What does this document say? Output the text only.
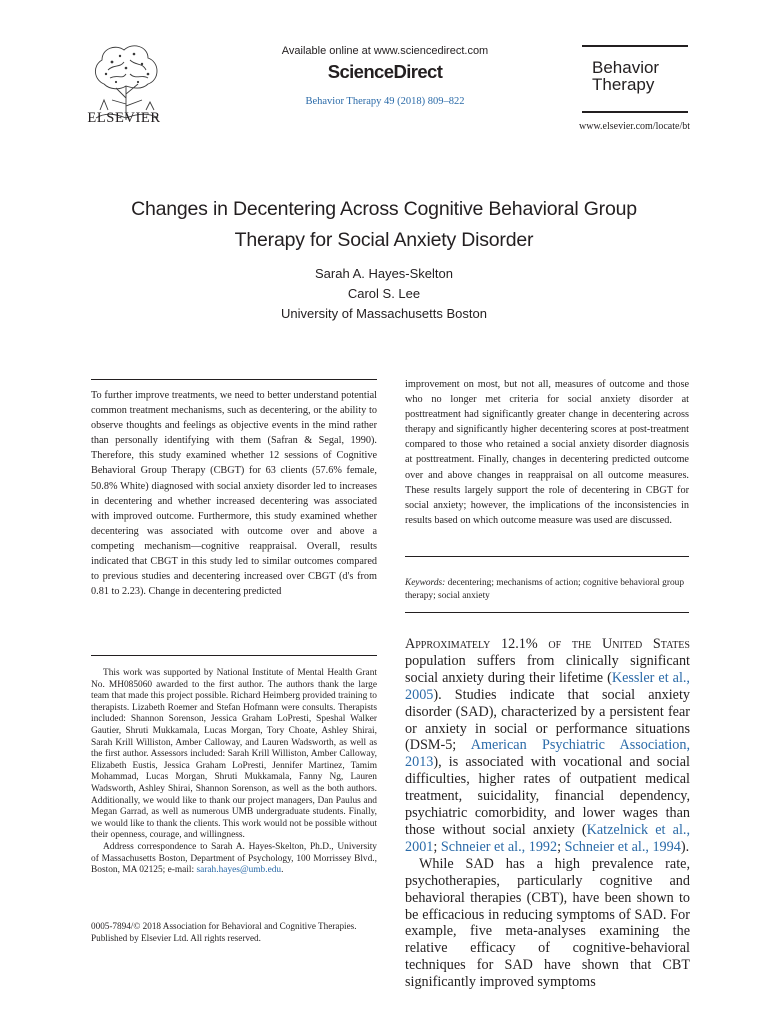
ELSEVIER
Available online at www.sciencedirect.com
ScienceDirect
Behavior Therapy 49 (2018) 809–822
Behavior
Therapy
www.elsevier.com/locate/bt
Changes in Decentering Across Cognitive Behavioral Group
Therapy for Social Anxiety Disorder
Sarah A. Hayes-Skelton
Carol S. Lee
University of Massachusetts Boston
To further improve treatments, we need to better understand potential common treatment mechanisms, such as decentering, or the ability to observe thoughts and feelings as objective events in the mind rather than personally identifying with them (Safran & Segal, 1990). Therefore, this study examined whether 12 sessions of Cognitive Behavioral Group Therapy (CBGT) for 63 clients (57.6% female, 50.8% White) diagnosed with social anxiety disorder led to increases in decentering and whether increased decentering was associated with improved outcome. Furthermore, this study examined whether decentering was associated with outcome over and above a competing mechanism—cognitive reappraisal. Overall, results indicated that CBGT in this study led to similar outcomes compared to previous studies and decentering increased over CBGT (d's from 0.81 to 2.23). Change in decentering predicted
improvement on most, but not all, measures of outcome and those who no longer met criteria for social anxiety disorder at posttreatment had significantly greater change in decentering across therapy and significantly higher decentering scores at post-treatment compared to those who retained a social anxiety disorder diagnosis at posttreatment. Finally, changes in decentering predicted outcome over and above changes in reappraisal on all outcome measures. These results largely support the role of decentering in CBGT for social anxiety; however, the implications of the inconsistencies in results based on which outcome measure was used are discussed.
Keywords: decentering; mechanisms of action; cognitive behavioral group therapy; social anxiety

This work was supported by National Institute of Mental Health Grant No. MH085060 awarded to the first author. The authors thank the large team that made this project possible. Richard Heimberg provided training to therapists. Lizabeth Roemer and Stefan Hofmann were consults. Therapists included: Shannon Sorenson, Jessica Graham LoPresti, Speshal Walker Gautier, Shruti Mukkamala, Lucas Morgan, Tory Choate, Ashley Shirai, Sarah Krill Williston, Amber Calloway, and Lauren Wadsworth, as well as the first author. Assessors included: Sarah Krill Williston, Amber Calloway, Elizabeth Eustis, Jessica Graham LoPresti, Jennifer Martinez, Tamim Mohammad, Lucas Morgan, Shruti Mukkamala, Fanny Ng, Lauren Wadsworth, Ashley Shirai, Shannon Sorenson, as well as the both authors. Additionally, we would like to thank our project managers, Dan Paulus and Megan Garrad, as well as numerous UMB undergraduate students. Finally, we would like to thank the clients. This work would not be possible without their openness, courage, and willingness.

Address correspondence to Sarah A. Hayes-Skelton, Ph.D., University of Massachusetts Boston, Department of Psychology, 100 Morrissey Blvd., Boston, MA 02125; e-mail: sarah.hayes@umb.edu.

0005-7894/© 2018 Association for Behavioral and Cognitive Therapies.
Published by Elsevier Ltd. All rights reserved.

Approximately 12.1% of the United States population suffers from clinically significant social anxiety during their lifetime (Kessler et al., 2005). Studies indicate that social anxiety disorder (SAD), characterized by a persistent fear or anxiety in social or performance situations (DSM-5; American Psychiatric Association, 2013), is associated with vocational and social difficulties, higher rates of outpatient medical treatment, suicidality, financial dependency, psychiatric comorbidity, and lower wages than those without social anxiety (Katzelnick et al., 2001; Schneier et al., 1992; Schneier et al., 1994).

While SAD has a high prevalence rate, psychotherapies, particularly cognitive and behavioral therapies (CBT), have been shown to be efficacious in reducing symptoms of SAD. For example, five meta-analyses examining the relative efficacy of cognitive-behavioral techniques for SAD have shown that CBT significantly improved symptoms
